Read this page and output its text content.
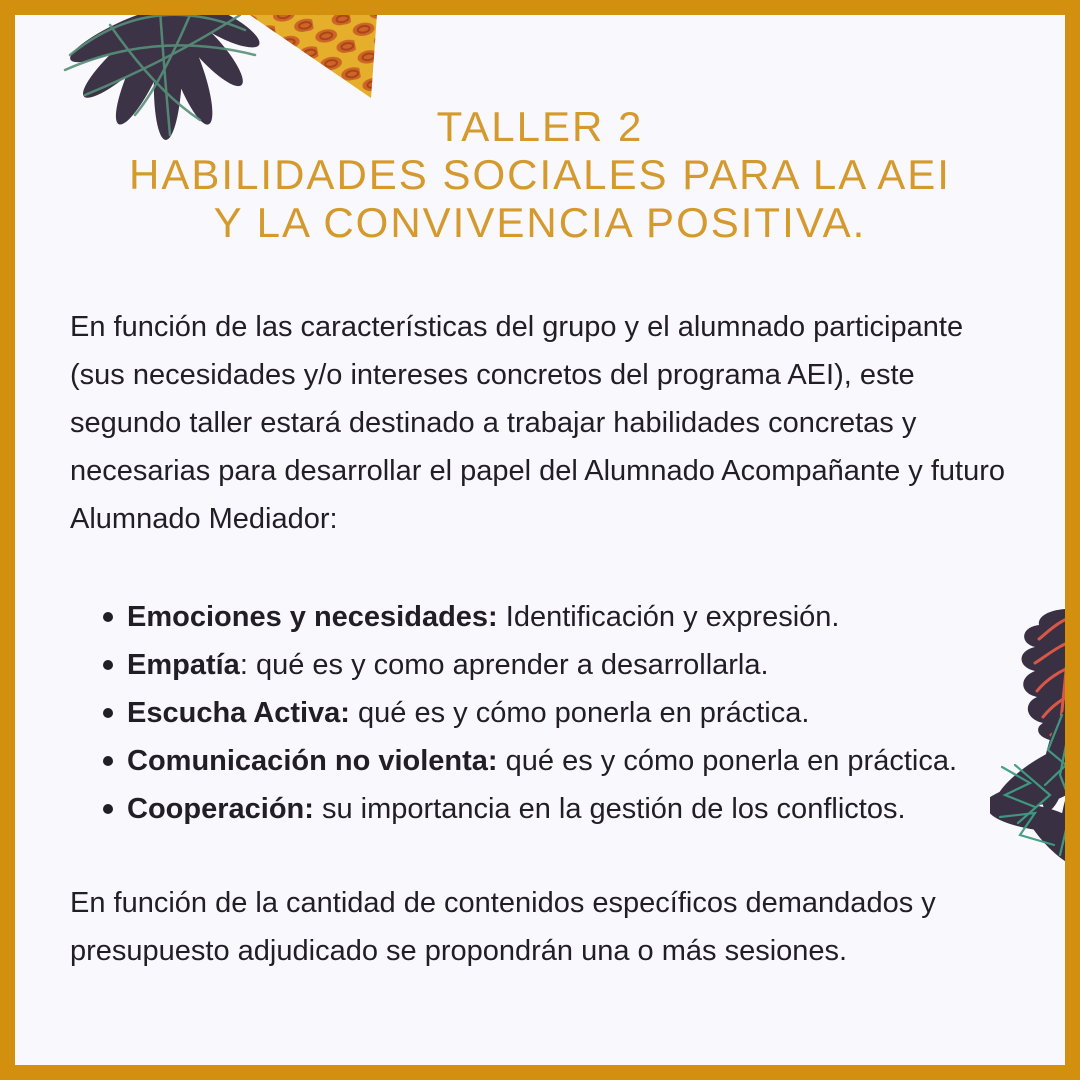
TALLER 2
HABILIDADES SOCIALES PARA LA AEI
Y LA CONVIVENCIA POSITIVA.

En función de las características del grupo y el alumnado participante (sus necesidades y/o intereses concretos del programa AEI), este segundo taller estará destinado a trabajar habilidades concretas y necesarias para desarrollar el papel del Alumnado Acompañante y futuro Alumnado Mediador:

Emociones y necesidades: Identificación y expresión.
Empatía: qué es y como aprender a desarrollarla.
Escucha Activa: qué es y cómo ponerla en práctica.
Comunicación no violenta: qué es y cómo ponerla en práctica.
Cooperación: su importancia en la gestión de los conflictos.

En función de la cantidad de contenidos específicos demandados y presupuesto adjudicado se propondrán una o más sesiones.
